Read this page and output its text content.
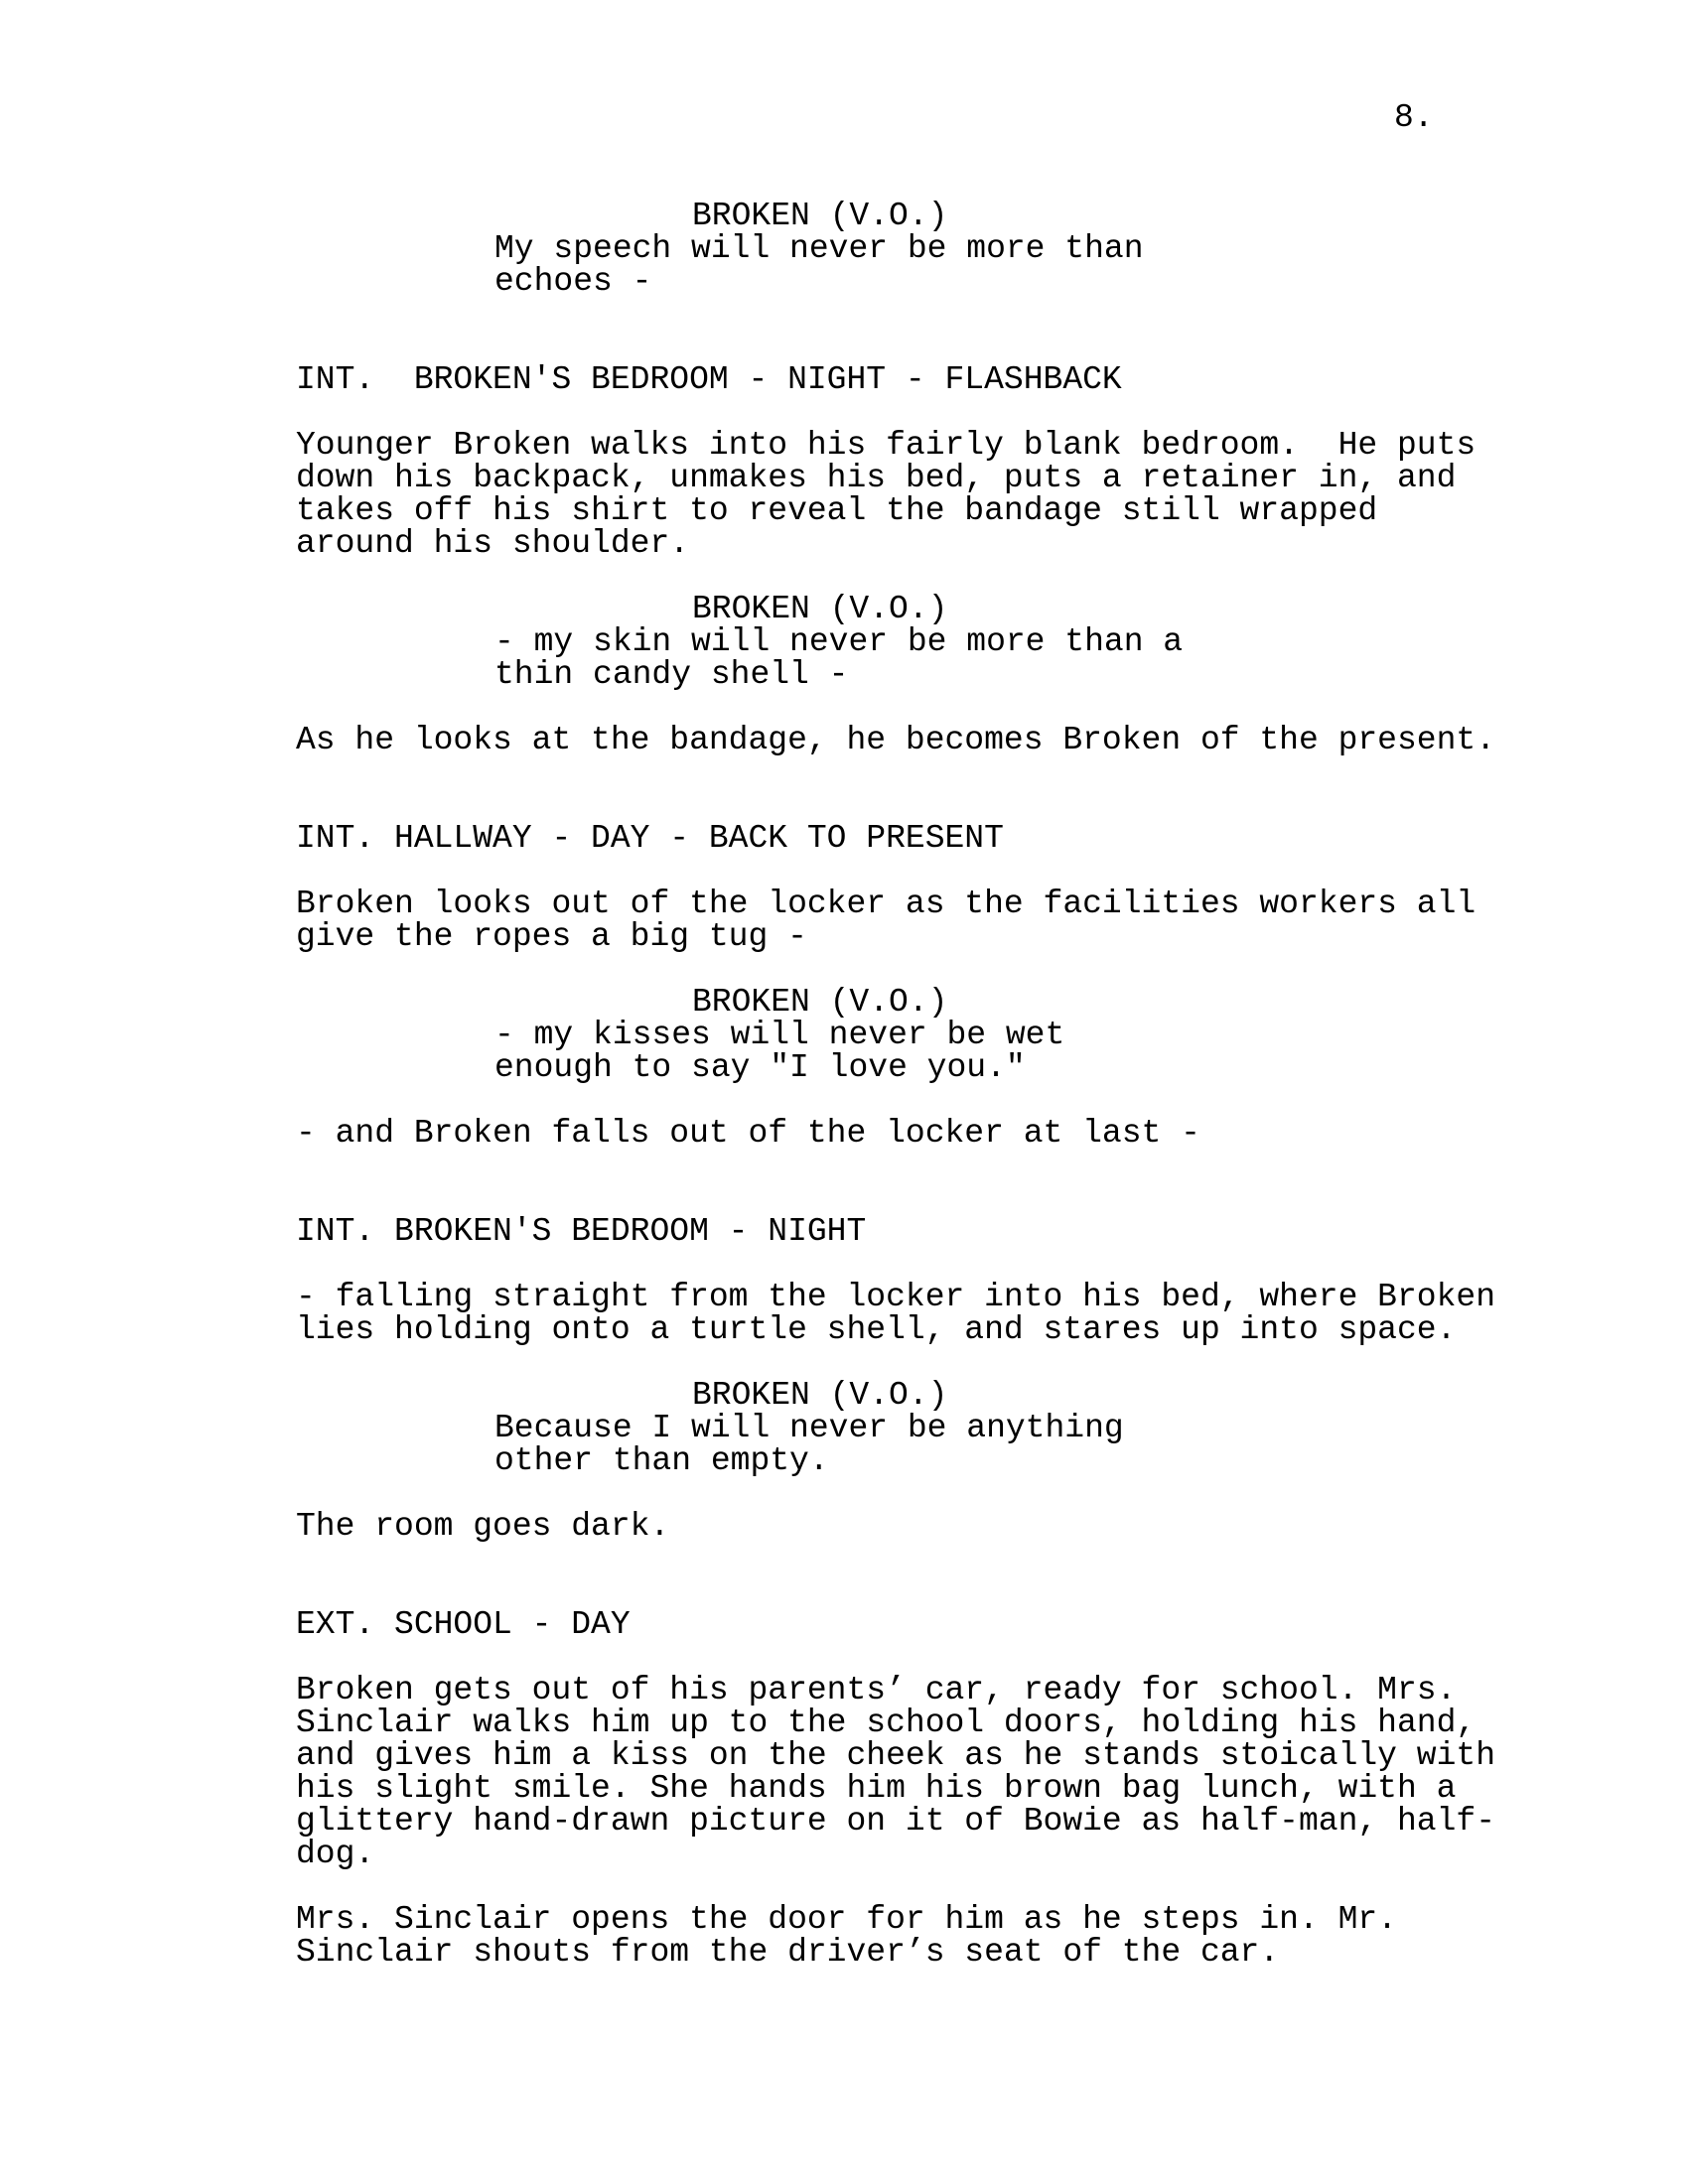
8.
BROKEN (V.O.)
My speech will never be more than
echoes -
INT.  BROKEN'S BEDROOM - NIGHT - FLASHBACK
Younger Broken walks into his fairly blank bedroom.  He puts
down his backpack, unmakes his bed, puts a retainer in, and
takes off his shirt to reveal the bandage still wrapped
around his shoulder.
BROKEN (V.O.)
- my skin will never be more than a
thin candy shell -
As he looks at the bandage, he becomes Broken of the present.
INT. HALLWAY - DAY - BACK TO PRESENT
Broken looks out of the locker as the facilities workers all
give the ropes a big tug -
BROKEN (V.O.)
- my kisses will never be wet
enough to say "I love you."
- and Broken falls out of the locker at last -
INT. BROKEN'S BEDROOM - NIGHT
- falling straight from the locker into his bed, where Broken
lies holding onto a turtle shell, and stares up into space.
BROKEN (V.O.)
Because I will never be anything
other than empty.
The room goes dark.
EXT. SCHOOL - DAY
Broken gets out of his parents’ car, ready for school. Mrs.
Sinclair walks him up to the school doors, holding his hand,
and gives him a kiss on the cheek as he stands stoically with
his slight smile. She hands him his brown bag lunch, with a
glittery hand-drawn picture on it of Bowie as half-man, half-
dog.
Mrs. Sinclair opens the door for him as he steps in. Mr.
Sinclair shouts from the driver’s seat of the car.
